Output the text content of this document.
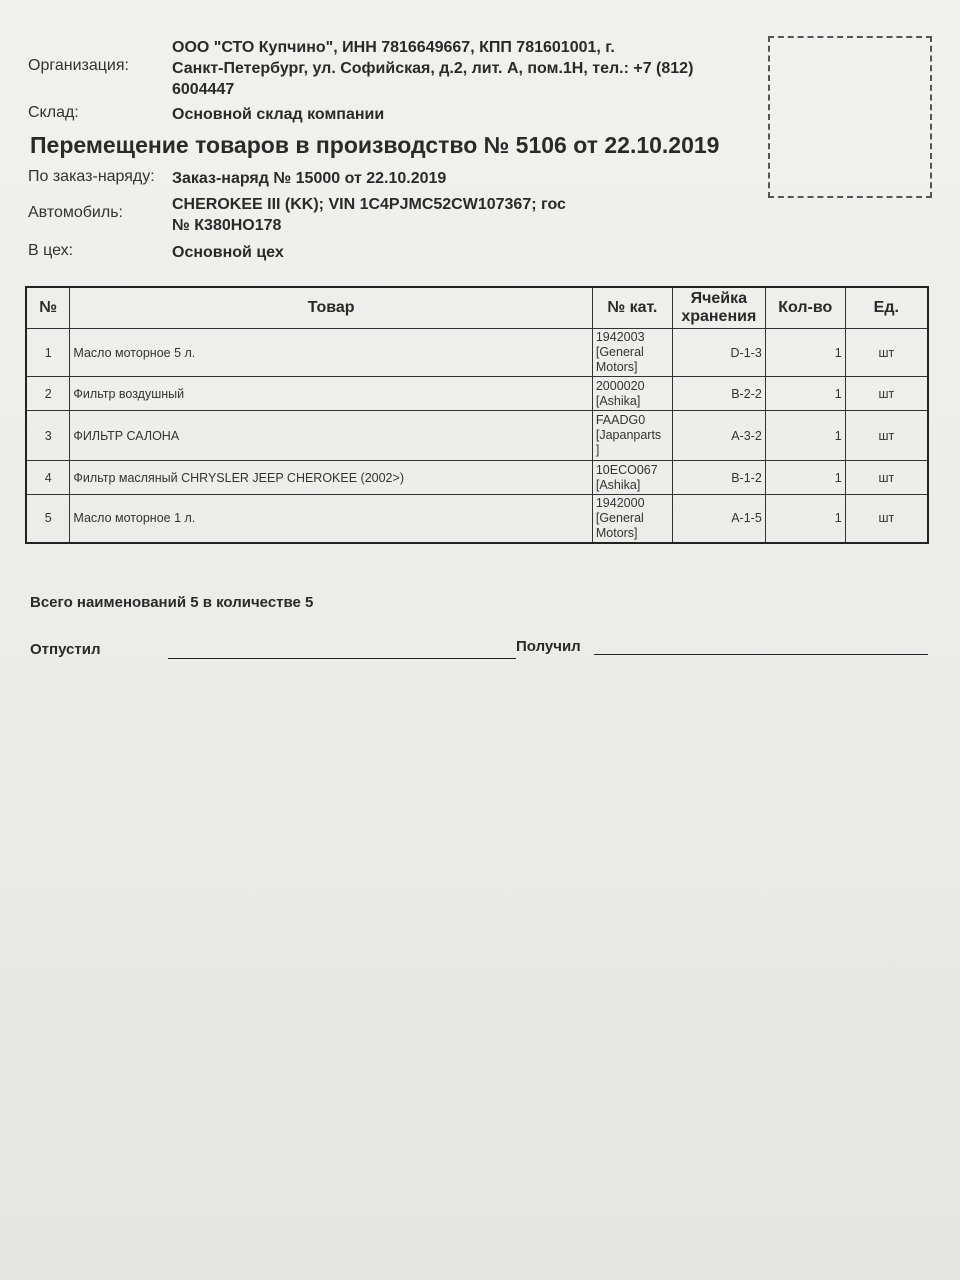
Организация:
ООО "СТО Купчино", ИНН 7816649667, КПП 781601001, г.
Санкт-Петербург, ул. Софийская, д.2, лит. А, пом.1Н, тел.: +7 (812)
6004447
Склад:	Основной склад компании
Перемещение товаров в производство № 5106 от 22.10.2019
По заказ-наряду: Заказ-наряд № 15000 от 22.10.2019
Автомобиль:	CHEROKEE III (KK); VIN 1C4PJMC52CW107367; гос
№ К380НО178
В цех:	Основной цех
№	Товар	№ кат.	Ячейка хранения	Кол-во	Ед.
1	Масло моторное 5 л.	1942003
[General
Motors]	D-1-3	1	шт
2	Фильтр воздушный	2000020
[Ashika]	B-2-2	1	шт
3	ФИЛЬТР САЛОНА	FAADG0
[Japanparts
]	A-3-2	1	шт
4	Фильтр масляный CHRYSLER JEEP CHEROKEE (2002>)	10ECO067
[Ashika]	B-1-2	1	шт
5	Масло моторное 1 л.	1942000
[General
Motors]	A-1-5	1	шт
Всего наименований 5 в количестве 5
Отпустил	Получил
